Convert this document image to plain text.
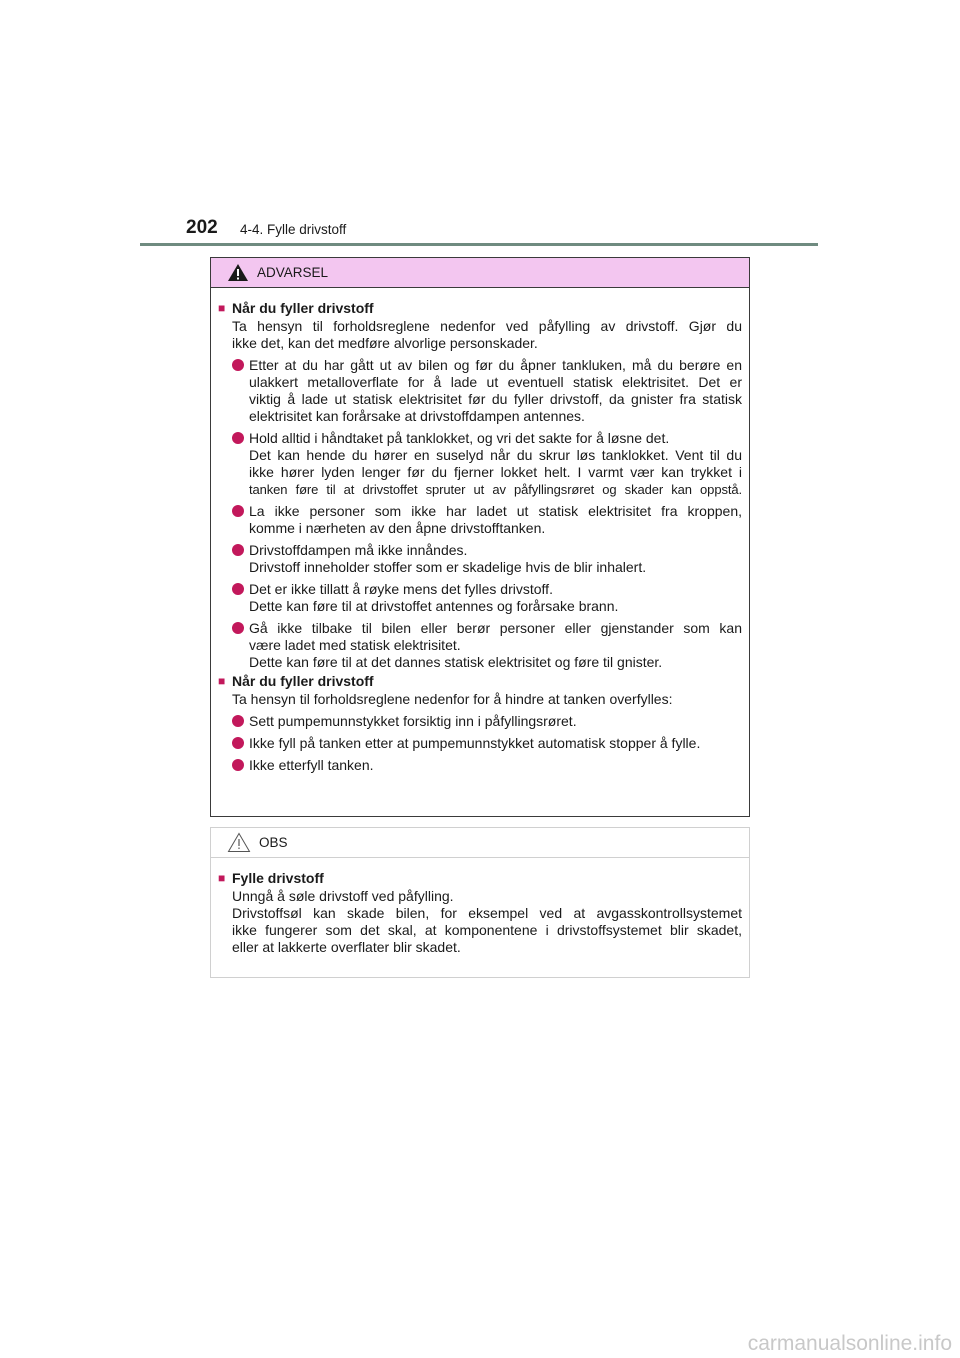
202 4-4. Fylle drivstoff
ADVARSEL
■ Når du fyller drivstoff
Ta hensyn til forholdsreglene nedenfor ved påfylling av drivstoff. Gjør du
ikke det, kan det medføre alvorlige personskader.
Etter at du har gått ut av bilen og før du åpner tankluken, må du berøre en
ulakkert metalloverflate for å lade ut eventuell statisk elektrisitet. Det er
viktig å lade ut statisk elektrisitet før du fyller drivstoff, da gnister fra statisk
elektrisitet kan forårsake at drivstoffdampen antennes.
Hold alltid i håndtaket på tanklokket, og vri det sakte for å løsne det.
Det kan hende du hører en suselyd når du skrur løs tanklokket. Vent til du
ikke hører lyden lenger før du fjerner lokket helt. I varmt vær kan trykket i
tanken føre til at drivstoffet spruter ut av påfyllingsrøret og skader kan oppstå.
La ikke personer som ikke har ladet ut statisk elektrisitet fra kroppen,
komme i nærheten av den åpne drivstofftanken.
Drivstoffdampen må ikke innåndes.
Drivstoff inneholder stoffer som er skadelige hvis de blir inhalert.
Det er ikke tillatt å røyke mens det fylles drivstoff.
Dette kan føre til at drivstoffet antennes og forårsake brann.
Gå ikke tilbake til bilen eller berør personer eller gjenstander som kan
være ladet med statisk elektrisitet.
Dette kan føre til at det dannes statisk elektrisitet og føre til gnister.
■ Når du fyller drivstoff
Ta hensyn til forholdsreglene nedenfor for å hindre at tanken overfylles:
Sett pumpemunnstykket forsiktig inn i påfyllingsrøret.
Ikke fyll på tanken etter at pumpemunnstykket automatisk stopper å fylle.
Ikke etterfyll tanken.
OBS
■ Fylle drivstoff
Unngå å søle drivstoff ved påfylling.
Drivstoffsøl kan skade bilen, for eksempel ved at avgasskontrollsystemet
ikke fungerer som det skal, at komponentene i drivstoffsystemet blir skadet,
eller at lakkerte overflater blir skadet.
carmanualsonline.info
